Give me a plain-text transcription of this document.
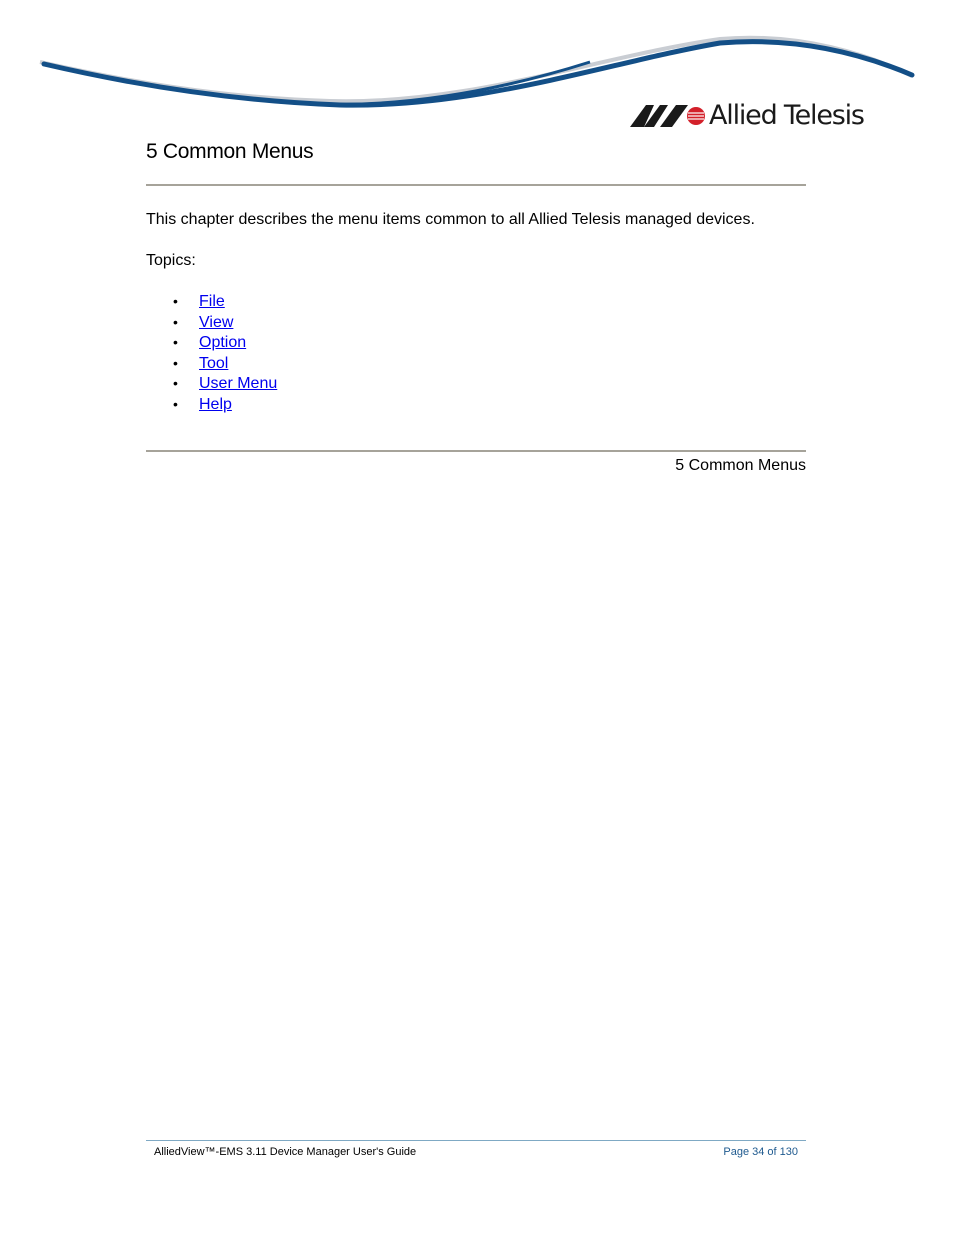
Allied Telesis
5 Common Menus

This chapter describes the menu items common to all Allied Telesis managed devices.

Topics:

• File
• View
• Option
• Tool
• User Menu
• Help
5 Common Menus
AlliedView™-EMS 3.11 Device Manager User's Guide	Page 34 of 130
